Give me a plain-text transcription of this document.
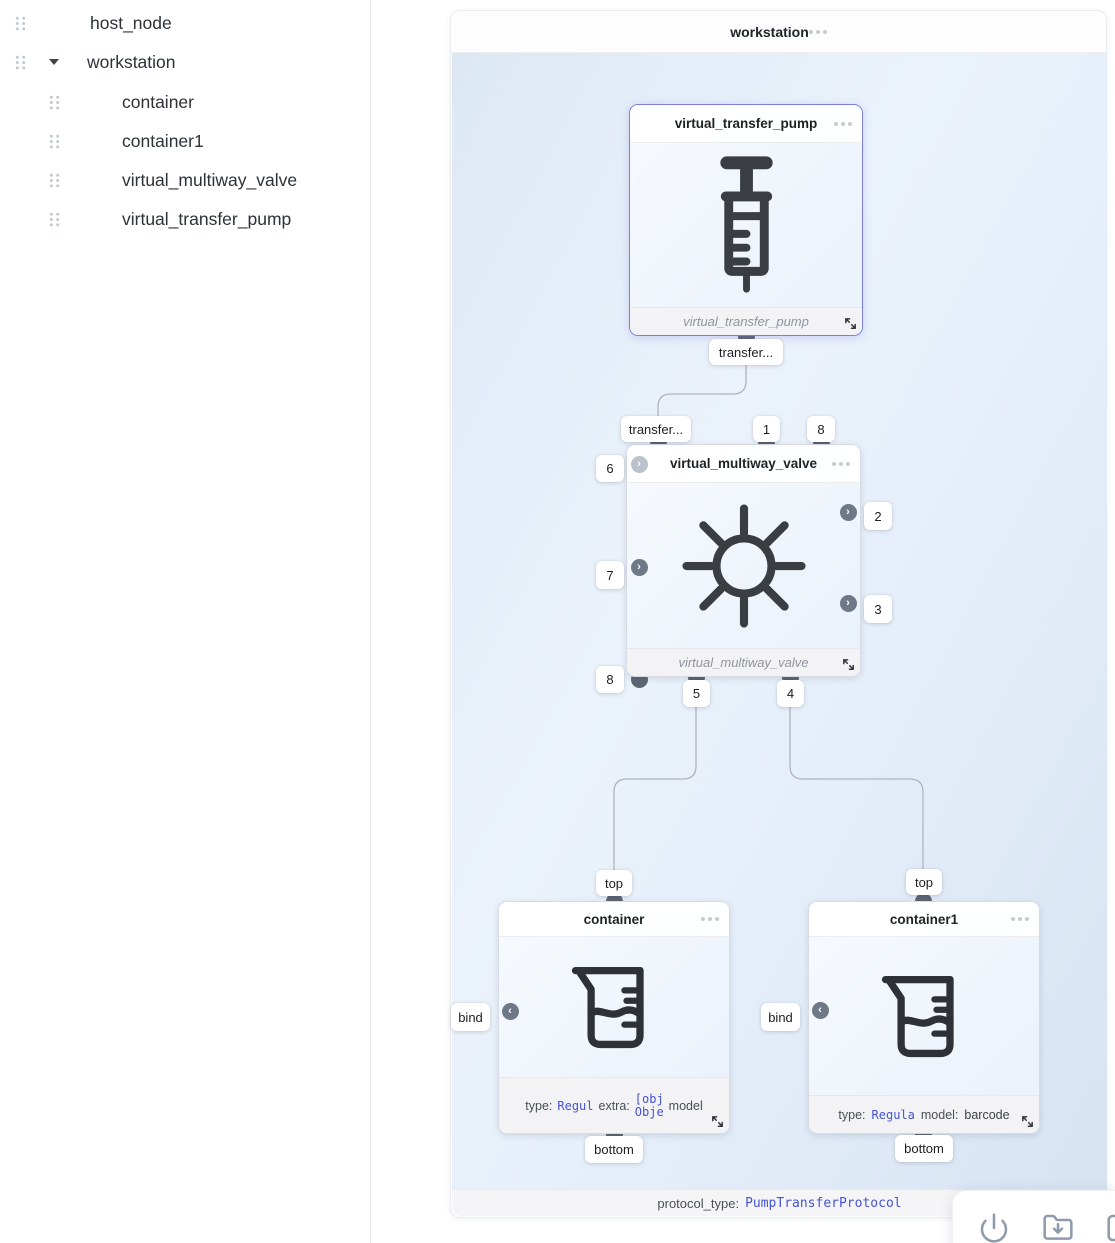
host_node
workstation
container
container1
virtual_multiway_valve
virtual_transfer_pump
workstation
virtual_transfer_pump
virtual_transfer_pump
virtual_multiway_valve
virtual_multiway_valve
container
type: Regul extra: [obj
Obje model
container1
type: Regula model: barcode
›
›
›
›
‹	‹
transfer...
transfer...	1	8
6
7
8
2
3
5	4
top
bind
bottom
top
bind
bottom
protocol_type: PumpTransferProtocol
